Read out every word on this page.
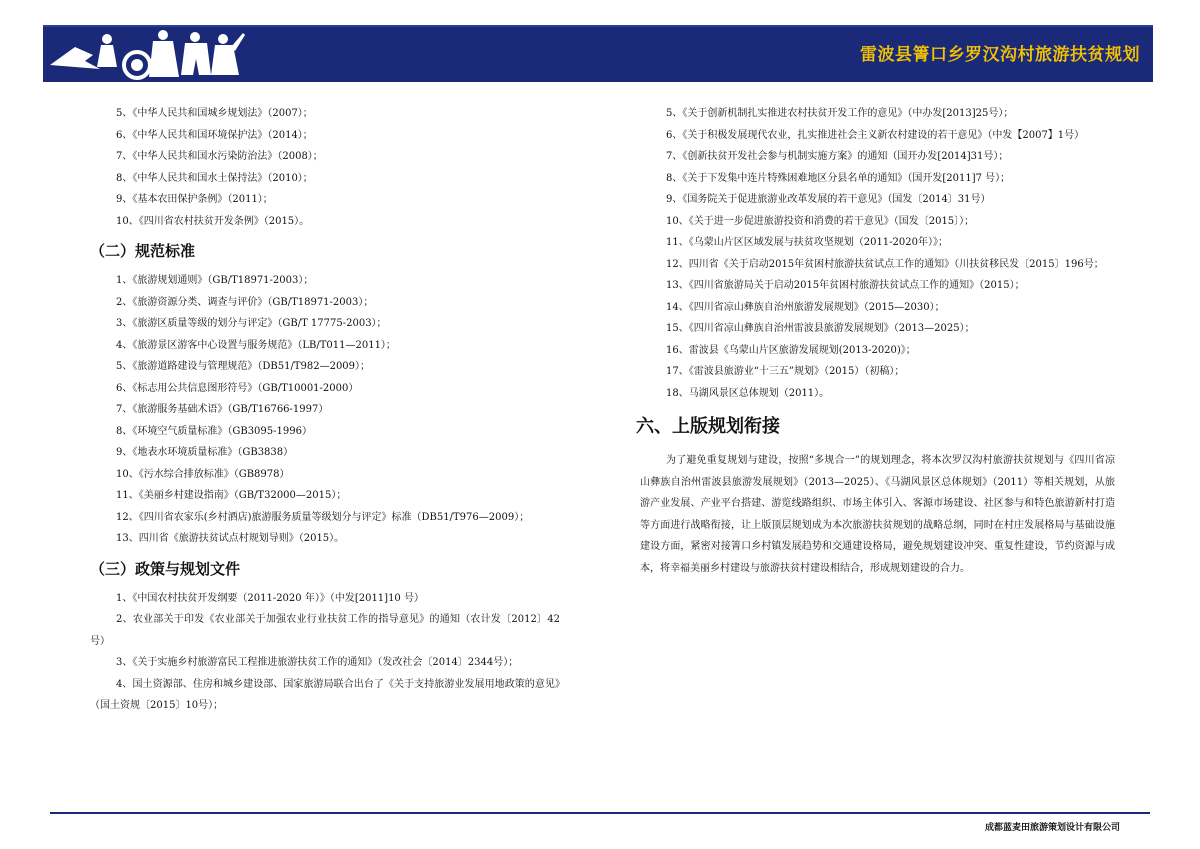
雷波县箐口乡罗汉沟村旅游扶贫规划

5、《中华人民共和国城乡规划法》（2007）；

6、《中华人民共和国环境保护法》（2014）；

7、《中华人民共和国水污染防治法》（2008）；

8、《中华人民共和国水土保持法》（2010）；

9、《基本农田保护条例》（2011）；

10、《四川省农村扶贫开发条例》（2015）。

（二）规范标准

1、《旅游规划通则》（GB/T18971-2003）；

2、《旅游资源分类、调查与评价》（GB/T18971-2003）；

3、《旅游区质量等级的划分与评定》（GB/T 17775-2003）；

4、《旅游景区游客中心设置与服务规范》（LB/T011—2011）；

5、《旅游道路建设与管理规范》（DB51/T982—2009）；

6、《标志用公共信息图形符号》（GB/T10001-2000）

7、《旅游服务基础术语》（GB/T16766-1997）

8、《环境空气质量标准》（GB3095-1996）

9、《地表水环境质量标准》（GB3838）

10、《污水综合排放标准》（GB8978）

11、《美丽乡村建设指南》（GB/T32000—2015）；

12、《四川省农家乐(乡村酒店)旅游服务质量等级划分与评定》标准（DB51/T976—2009）；

13、四川省《旅游扶贫试点村规划导则》（2015）。

（三）政策与规划文件

1、《中国农村扶贫开发纲要（2011-2020 年）》（中发[2011]10 号）

2、农业部关于印发《农业部关于加强农业行业扶贫工作的指导意见》的通知（农计发〔2012〕42号）

3、《关于实施乡村旅游富民工程推进旅游扶贫工作的通知》（发改社会〔2014〕2344号）；

4、国土资源部、住房和城乡建设部、国家旅游局联合出台了《关于支持旅游业发展用地政策的意见》（国土资规〔2015〕10号）；

5、《关于创新机制扎实推进农村扶贫开发工作的意见》（中办发[2013]25号）；

6、《关于积极发展现代农业，扎实推进社会主义新农村建设的若干意见》（中发【2007】1号）

7、《创新扶贫开发社会参与机制实施方案》的通知（国开办发[2014]31号）；

8、《关于下发集中连片特殊困难地区分县名单的通知》（国开发[2011]7 号）；

9、《国务院关于促进旅游业改革发展的若干意见》（国发〔2014〕31号）

10、《关于进一步促进旅游投资和消费的若干意见》（国发〔2015〕）；

11、《乌蒙山片区区域发展与扶贫攻坚规划（2011-2020年）》；

12、四川省《关于启动2015年贫困村旅游扶贫试点工作的通知》（川扶贫移民发〔2015〕196号；

13、《四川省旅游局关于启动2015年贫困村旅游扶贫试点工作的通知》（2015）；

14、《四川省凉山彝族自治州旅游发展规划》（2015—2030）；

15、《四川省凉山彝族自治州雷波县旅游发展规划》（2013—2025）；

16、雷波县《乌蒙山片区旅游发展规划(2013-2020)》；

17、《雷波县旅游业“十三五”规划》（2015）（初稿）；

18、马湖风景区总体规划（2011）。

六、上版规划衔接

为了避免重复规划与建设，按照“多规合一”的规划理念，将本次罗汉沟村旅游扶贫规划与《四川省凉山彝族自治州雷波县旅游发展规划》（2013—2025）、《马湖风景区总体规划》（2011）等相关规划，从旅游产业发展、产业平台搭建、游览线路组织、市场主体引入、客源市场建设、社区参与和特色旅游新村打造等方面进行战略衔接，让上版顶层规划成为本次旅游扶贫规划的战略总纲，同时在村庄发展格局与基础设施建设方面，紧密对接箐口乡村镇发展趋势和交通建设格局，避免规划建设冲突、重复性建设，节约资源与成本，将幸福美丽乡村建设与旅游扶贫村建设相结合，形成规划建设的合力。

成都蓝麦田旅游策划设计有限公司
